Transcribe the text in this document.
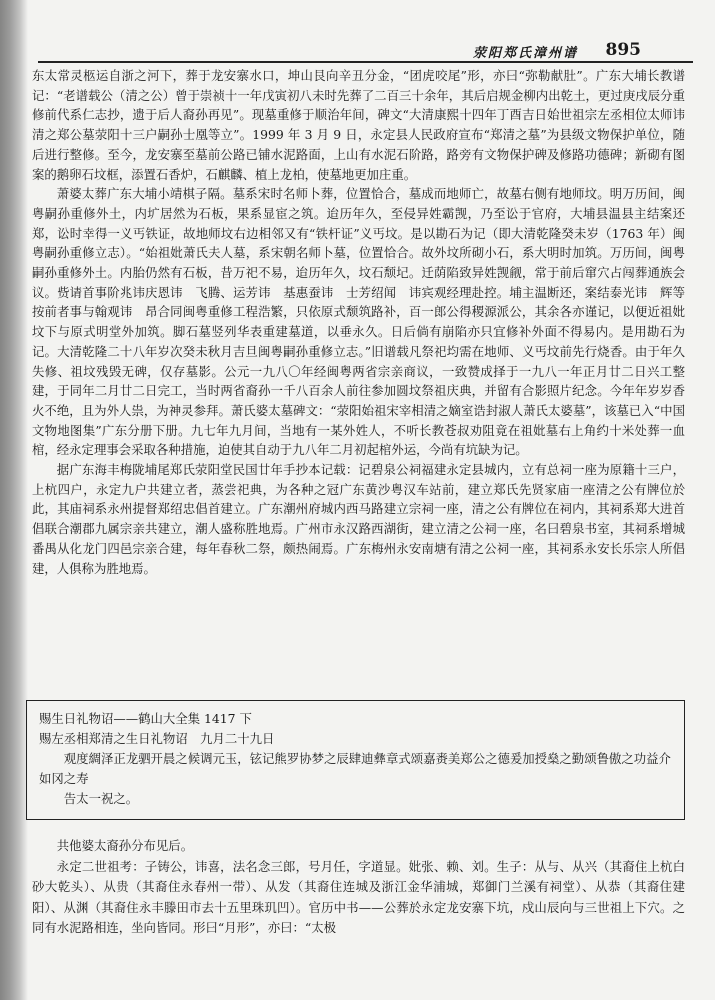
荥阳郑氏漳州谱 895

东太常灵柩运自浙之河下，葬于龙安寨水口，坤山艮向辛丑分金，“团虎咬尾”形，亦曰“弥勒献肚”。广东大埔长教谱记：“老谱载公（清之公）曾于崇祯十一年戊寅初八未时先葬了二百三十余年，其后启规金柳内出乾土，更过庚戌辰分重修前代系仁志抄，遗于后人裔孙再见”。现墓重修于顺治年间，碑文“大清康熙十四年丁酉吉日始世祖宗左丞相位太师讳清之郑公墓荥阳十三户嗣孙士凰等立”。1999 年 3 月 9 日，永定县人民政府宣布“郑清之墓”为县级文物保护单位，随后进行整修。至今，龙安寨至墓前公路已铺水泥路面，上山有水泥石阶路，路旁有文物保护碑及修路功德碑；新砌有图案的鹅卵石坟框，添置石香炉，石麒麟、植上龙柏，使墓地更加庄重。

萧婆太葬广东大埔小靖棋子隔。墓系宋时名师卜葬，位置恰合，墓成而地师亡，故墓右侧有地师坟。明万历间，闽粤嗣孙重修外土，内圹居然为石板，果系显宦之筑。迨历年久，至侵异姓霸觊，乃至讼于官府，大埔县温县主结案还郑，讼时幸得一义丐铁证，故地师坟右边相邻又有“铁杆证”义丐坟。是以勘石为记（即大清乾隆癸未岁（1763 年）闽粤嗣孙重修立志）。“始祖妣萧氏夫人墓，系宋朝名师卜墓，位置恰合。故外坟所砌小石，系大明时加筑。万历间，闽粤嗣孙重修外土。内胎仍然有石板，昔万祀不易，迨历年久，坟石颓圮。迁荫陷致异姓觊觎，常于前后窜穴占闯葬通族会议。赀请首事阶兆讳庆恩讳　飞腾、运芳讳　基惠蚕讳　士芳绍闻　讳宾观经理赴控。埔主温断还，案结泰光讳　辉等按前者事与翰观讳　昂合同闽粤重修工程浩繁，只依原式颓筑路补，百一郎公得稷源派公，其余各亦谨记，以便近祖妣坟下与原式明堂外加筑。脚石墓竖列华表重建墓道，以垂永久。日后倘有崩陷亦只宜修补外面不得易内。是用勘石为记。大清乾隆二十八年岁次癸未秋月吉旦闽粤嗣孙重修立志。”旧谱载凡祭祀均需在地师、义丐坟前先行烧香。由于年久失修、祖坟残毁无碑，仅存墓影。公元一九八〇年经闽粤两省宗亲商议，一致赞成择于一九八一年正月廿二日兴工整建，于同年二月廿二日完工，当时两省裔孙一千八百余人前往参加圆坟祭祖庆典，并留有合影照片纪念。今年年岁岁香火不绝，且为外人祟，为神灵参拜。萧氏婆太墓碑文：“荥阳始祖宋宰相清之嫡室诰封淑人萧氏太婆墓”，该墓已入“中国文物地图集”广东分册下册。九七年九月间，当地有一某外姓人，不听长教苍叔劝阻竟在祖妣墓右上角约十米处葬一血棺，经永定理事会采取各种措施，迫使其自动于九八年二月初起棺外运，今尚有坑缺为记。

据广东海丰梅陇埔尾郑氏荥阳堂民国廿年手抄本记载：记碧泉公祠福建永定县城内，立有总祠一座为原籍十三户，上杭四户，永定九户共建立者，蒸尝祀典，为各种之冠广东黄沙粤汉车站前，建立郑氏先贤家庙一座清之公有牌位於此，其庙祠系永州提督郑绍忠倡首建立。广东潮州府城内西马路建立宗祠一座，清之公有牌位在祠内，其祠系郑大进首倡联合潮郡九属宗亲共建立，潮人盛称胜地焉。广州市永汉路西湖街，建立清之公祠一座，名曰碧泉书室，其祠系增城番禺从化龙门四邑宗亲合建，每年春秋二祭，颇热闹焉。广东梅州永安南塘有清之公祠一座，其祠系永安长乐宗人所倡建，人俱称为胜地焉。

赐生日礼物诏——鹤山大全集 1417 下

赐左丞相郑清之生日礼物诏　九月二十九日

观度綢泽正龙驷开晨之候调元玉，铉记熊罗协梦之辰肆迪彝章式颂嘉赉美郑公之德爰加授燊之勤颂鲁傲之功益介如冈之寿

告太一祝之。

共他婆太裔孙分布见后。

永定二世祖考：子铸公，讳喜，法名念三郎，号月任，字道显。妣张、赖、刘。生子：从与、从兴（其裔住上杭白砂大乾头）、从贵（其裔住永春州一带）、从发（其裔住连城及浙江金华浦城，郑御门兰溪有祠堂）、从恭（其裔住建阳）、从渊（其裔住永丰滕田市去十五里珠玑凹）。官历中书——公葬於永定龙安寨下坑，戍山辰向与三世祖上下穴。之同有水泥路相连，坐向皆同。形曰“月形”，亦曰：“太极
